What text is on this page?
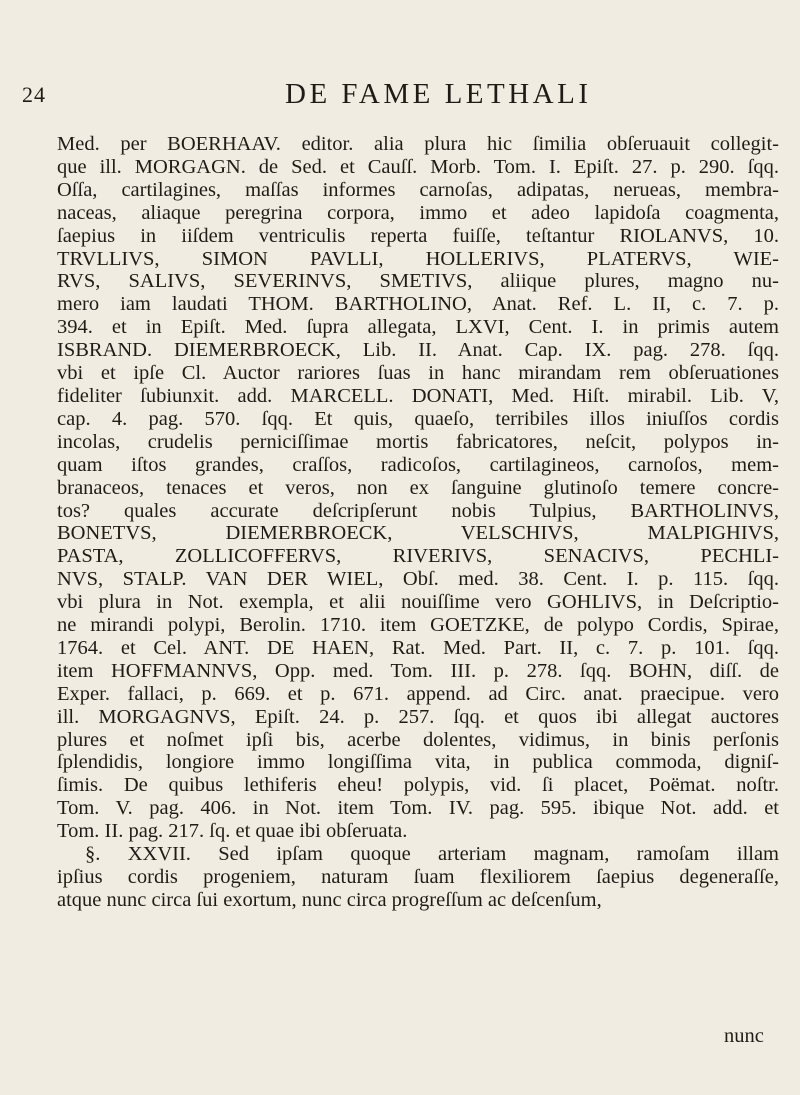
24	DE FAME LETHALI
Med. per BOERHAAV. editor. alia plura hic ſimilia obſeruauit collegit-
que ill. MORGAGN. de Sed. et Cauſſ. Morb. Tom. I. Epiſt. 27. p. 290. ſqq.
Oſſa, cartilagines, maſſas informes carnoſas, adipatas, nerueas, membra-
naceas, aliaque peregrina corpora, immo et adeo lapidoſa coagmenta,
ſaepius in iiſdem ventriculis reperta fuiſſe, teſtantur RIOLANVS, 10.
TRVLLIVS, SIMON PAVLLI, HOLLERIVS, PLATERVS, WIE-
RVS, SALIVS, SEVERINVS, SMETIVS, aliique plures, magno nu-
mero iam laudati THOM. BARTHOLINO, Anat. Ref. L. II, c. 7. p.
394. et in Epiſt. Med. ſupra allegata, LXVI, Cent. I. in primis autem
ISBRAND. DIEMERBROECK, Lib. II. Anat. Cap. IX. pag. 278. ſqq.
vbi et ipſe Cl. Auctor rariores ſuas in hanc mirandam rem obſeruationes
fideliter ſubiunxit. add. MARCELL. DONATI, Med. Hiſt. mirabil. Lib. V,
cap. 4. pag. 570. ſqq. Et quis, quaeſo, terribiles illos iniuſſos cordis
incolas, crudelis perniciſſimae mortis fabricatores, neſcit, polypos in-
quam iſtos grandes, craſſos, radicoſos, cartilagineos, carnoſos, mem-
branaceos, tenaces et veros, non ex ſanguine glutinoſo temere concre-
tos? quales accurate deſcripſerunt nobis Tulpius, BARTHOLINVS,
BONETVS, DIEMERBROECK, VELSCHIVS, MALPIGHIVS,
PASTA, ZOLLICOFFERVS, RIVERIVS, SENACIVS, PECHLI-
NVS, STALP. VAN DER WIEL, Obſ. med. 38. Cent. I. p. 115. ſqq.
vbi plura in Not. exempla, et alii nouiſſime vero GOHLIVS, in Deſcriptio-
ne mirandi polypi, Berolin. 1710. item GOETZKE, de polypo Cordis, Spirae,
1764. et Cel. ANT. DE HAEN, Rat. Med. Part. II, c. 7. p. 101. ſqq.
item HOFFMANNVS, Opp. med. Tom. III. p. 278. ſqq. BOHN, diſſ. de
Exper. fallaci, p. 669. et p. 671. append. ad Circ. anat. praecipue. vero
ill. MORGAGNVS, Epiſt. 24. p. 257. ſqq. et quos ibi allegat auctores
plures et noſmet ipſi bis, acerbe dolentes, vidimus, in binis perſonis
ſplendidis, longiore immo longiſſima vita, in publica commoda, digniſ-
ſimis. De quibus lethiferis eheu! polypis, vid. ſi placet, Poëmat. noſtr.
Tom. V. pag. 406. in Not. item Tom. IV. pag. 595. ibique Not. add. et
Tom. II. pag. 217. ſq. et quae ibi obſeruata.
§. XXVII. Sed ipſam quoque arteriam magnam, ramoſam illam
ipſius cordis progeniem, naturam ſuam flexiliorem ſaepius degeneraſſe,
atque nunc circa ſui exortum, nunc circa progreſſum ac deſcenſum,
nunc
